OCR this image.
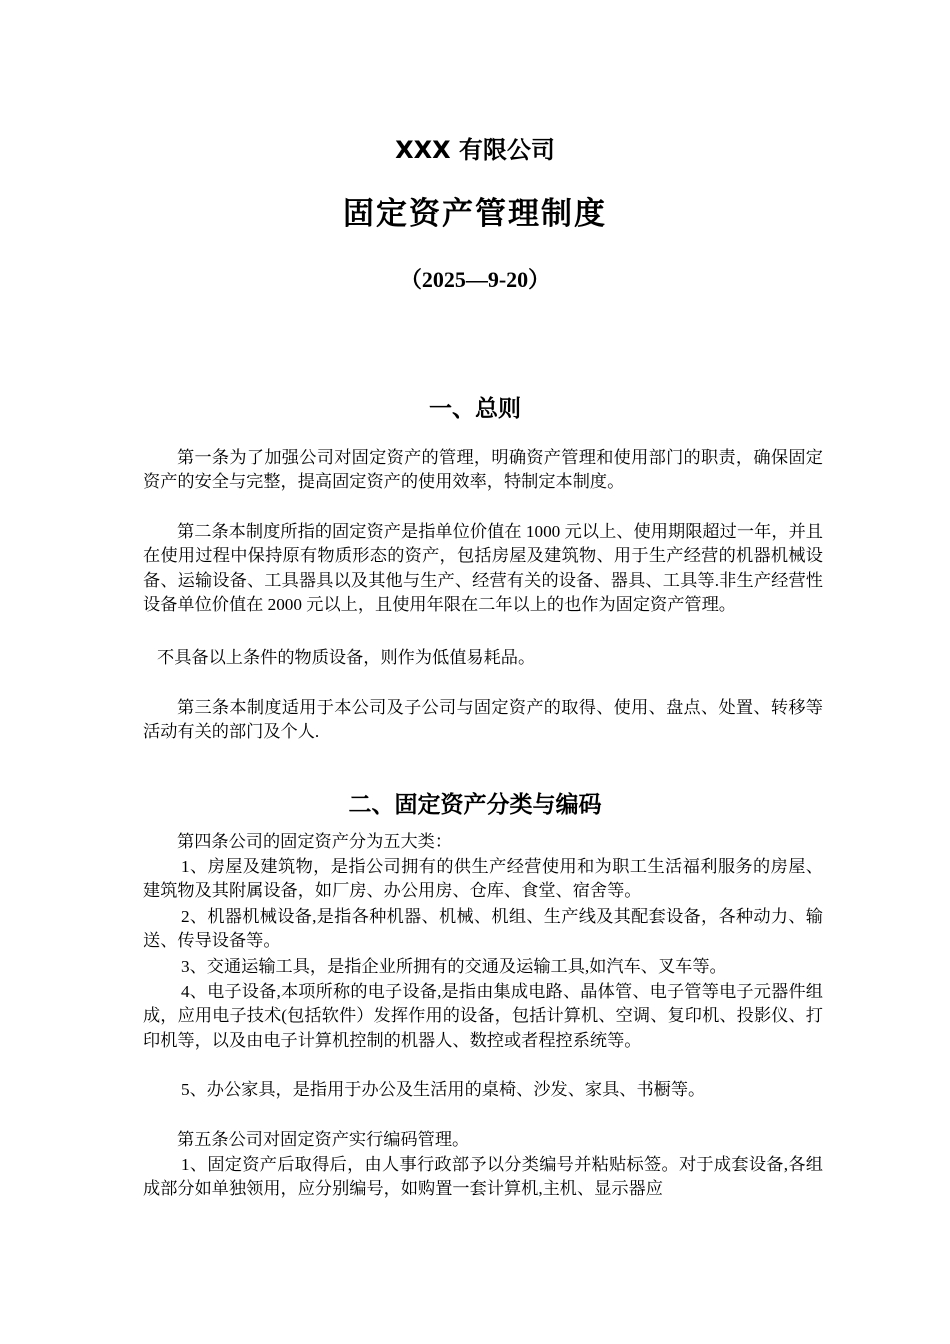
XXX 有限公司
固定资产管理制度
（2025—9-20）
一、总则
第一条为了加强公司对固定资产的管理，明确资产管理和使用部门的职责，确保固定资产的安全与完整，提高固定资产的使用效率，特制定本制度。
第二条本制度所指的固定资产是指单位价值在 1000 元以上、使用期限超过一年，并且在使用过程中保持原有物质形态的资产，包括房屋及建筑物、用于生产经营的机器机械设备、运输设备、工具器具以及其他与生产、经营有关的设备、器具、工具等.非生产经营性设备单位价值在 2000 元以上，且使用年限在二年以上的也作为固定资产管理。
不具备以上条件的物质设备，则作为低值易耗品。
第三条本制度适用于本公司及子公司与固定资产的取得、使用、盘点、处置、转移等活动有关的部门及个人.
二、固定资产分类与编码
第四条公司的固定资产分为五大类：
1、房屋及建筑物，是指公司拥有的供生产经营使用和为职工生活福利服务的房屋、建筑物及其附属设备，如厂房、办公用房、仓库、食堂、宿舍等。
2、机器机械设备,是指各种机器、机械、机组、生产线及其配套设备，各种动力、输送、传导设备等。
3、交通运输工具，是指企业所拥有的交通及运输工具,如汽车、叉车等。
4、电子设备,本项所称的电子设备,是指由集成电路、晶体管、电子管等电子元器件组成，应用电子技术(包括软件）发挥作用的设备，包括计算机、空调、复印机、投影仪、打印机等，以及由电子计算机控制的机器人、数控或者程控系统等。
5、办公家具，是指用于办公及生活用的桌椅、沙发、家具、书橱等。
第五条公司对固定资产实行编码管理。
1、固定资产后取得后，由人事行政部予以分类编号并粘贴标签。对于成套设备,各组成部分如单独领用，应分别编号，如购置一套计算机,主机、显示器应
